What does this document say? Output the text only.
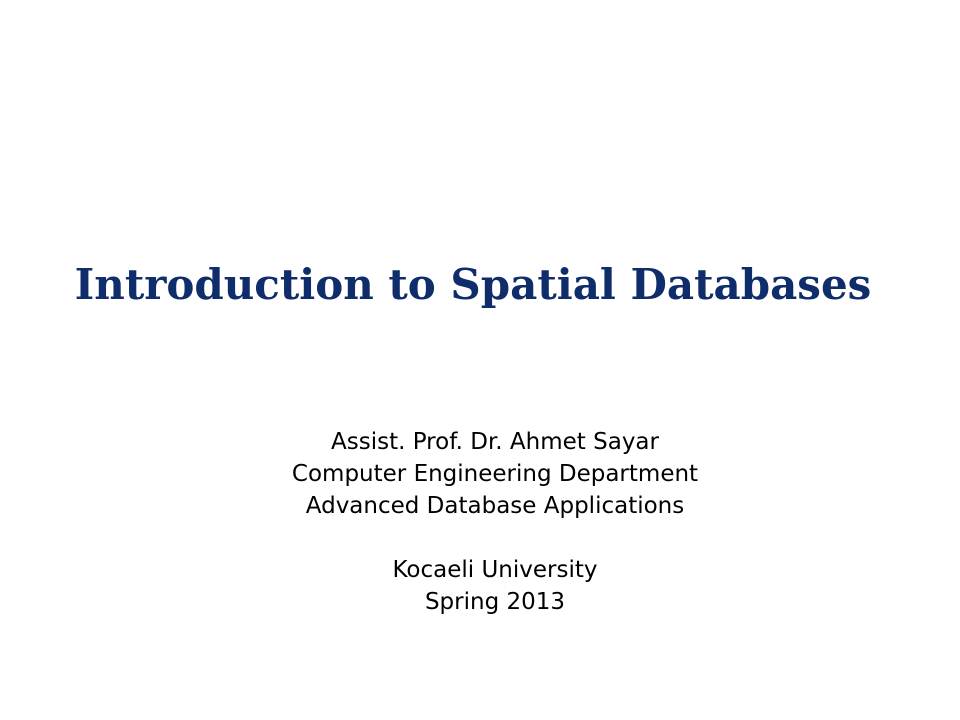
Introduction to Spatial Databases
Assist. Prof. Dr. Ahmet Sayar
Computer Engineering Department
Advanced Database Applications
Kocaeli University
Spring 2013
